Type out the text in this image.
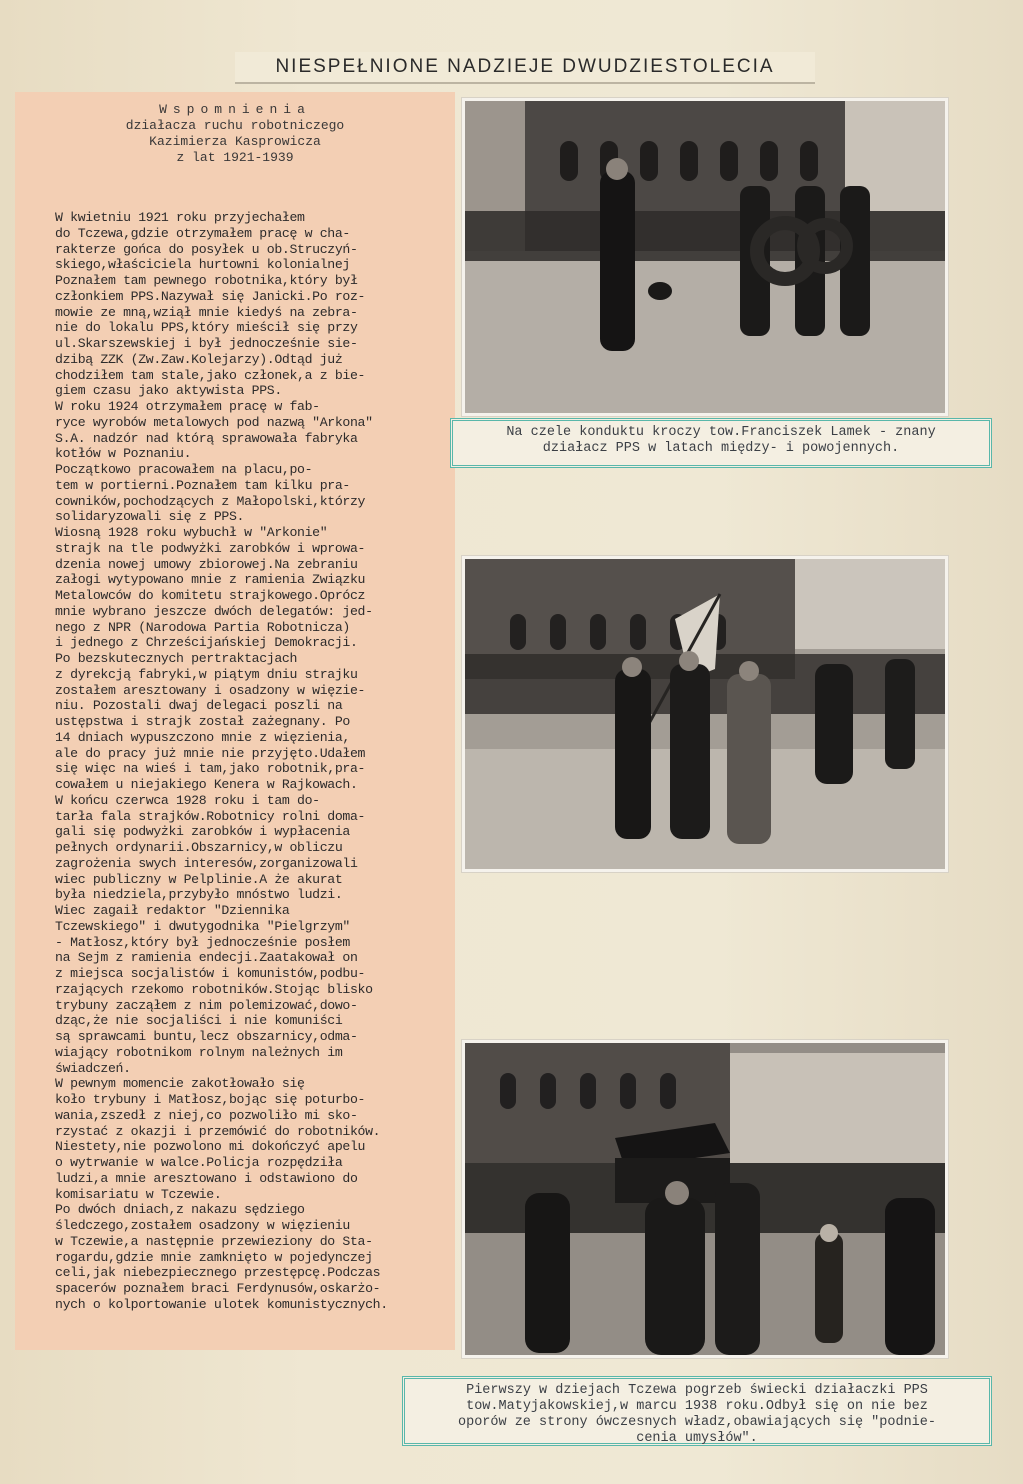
NIESPEŁNIONE NADZIEJE DWUDZIESTOLECIA
Wspomnienia
działacza ruchu robotniczego
Kazimierza Kasprowicza
z lat 1921-1939
W kwietniu 1921 roku przyjechałem
do Tczewa,gdzie otrzymałem pracę w cha-
rakterze gońca do posyłek u ob.Struczyń-
skiego,właściciela hurtowni kolonialnej
Poznałem tam pewnego robotnika,który był
członkiem PPS.Nazywał się Janicki.Po roz-
mowie ze mną,wziął mnie kiedyś na zebra-
nie do lokalu PPS,który mieścił się przy
ul.Skarszewskiej i był jednocześnie sie-
dzibą ZZK (Zw.Zaw.Kolejarzy).Odtąd już
chodziłem tam stale,jako członek,a z bie-
giem czasu jako aktywista PPS.
W roku 1924 otrzymałem pracę w fab-
ryce wyrobów metalowych pod nazwą "Arkona"
S.A. nadzór nad którą sprawowała fabryka
kotłów w Poznaniu.
Początkowo pracowałem na placu,po-
tem w portierni.Poznałem tam kilku pra-
cowników,pochodzących z Małopolski,którzy
solidaryzowali się z PPS.
Wiosną 1928 roku wybuchł w "Arkonie"
strajk na tle podwyżki zarobków i wprowa-
dzenia nowej umowy zbiorowej.Na zebraniu
załogi wytypowano mnie z ramienia Związku
Metalowców do komitetu strajkowego.Oprócz
mnie wybrano jeszcze dwóch delegatów: jed-
nego z NPR (Narodowa Partia Robotnicza)
i jednego z Chrześcijańskiej Demokracji.
Po bezskutecznych pertraktacjach
z dyrekcją fabryki,w piątym dniu strajku
zostałem aresztowany i osadzony w więzie-
niu. Pozostali dwaj delegaci poszli na
ustępstwa i strajk został zażegnany. Po
14 dniach wypuszczono mnie z więzienia,
ale do pracy już mnie nie przyjęto.Udałem
się więc na wieś i tam,jako robotnik,pra-
cowałem u niejakiego Kenera w Rajkowach.
W końcu czerwca 1928 roku i tam do-
tarła fala strajków.Robotnicy rolni doma-
gali się podwyżki zarobków i wypłacenia
pełnych ordynarii.Obszarnicy,w obliczu
zagrożenia swych interesów,zorganizowali
wiec publiczny w Pelplinie.A że akurat
była niedziela,przybyło mnóstwo ludzi.
Wiec zagaił redaktor "Dziennika
Tczewskiego" i dwutygodnika "Pielgrzym"
- Matłosz,który był jednocześnie posłem
na Sejm z ramienia endecji.Zaatakował on
z miejsca socjalistów i komunistów,podbu-
rzających rzekomo robotników.Stojąc blisko
trybuny zacząłem z nim polemizować,dowo-
dząc,że nie socjaliści i nie komuniści
są sprawcami buntu,lecz obszarnicy,odma-
wiający robotnikom rolnym należnych im
świadczeń.
W pewnym momencie zakotłowało się
koło trybuny i Matłosz,bojąc się poturbo-
wania,zszedł z niej,co pozwoliło mi sko-
rzystać z okazji i przemówić do robotników.
Niestety,nie pozwolono mi dokończyć apelu
o wytrwanie w walce.Policja rozpędziła
ludzi,a mnie aresztowano i odstawiono do
komisariatu w Tczewie.
Po dwóch dniach,z nakazu sędziego
śledczego,zostałem osadzony w więzieniu
w Tczewie,a następnie przewieziony do Sta-
rogardu,gdzie mnie zamknięto w pojedynczej
celi,jak niebezpiecznego przestępcę.Podczas
spacerów poznałem braci Ferdynusów,oskarżo-
nych o kolportowanie ulotek komunistycznych.
Na czele konduktu kroczy tow.Franciszek Lamek - znany
działacz PPS w latach między- i powojennych.
Pierwszy w dziejach Tczewa pogrzeb świecki działaczki PPS
tow.Matyjakowskiej,w marcu 1938 roku.Odbył się on nie bez
oporów ze strony ówczesnych władz,obawiających się "podnie-
cenia umysłów".
